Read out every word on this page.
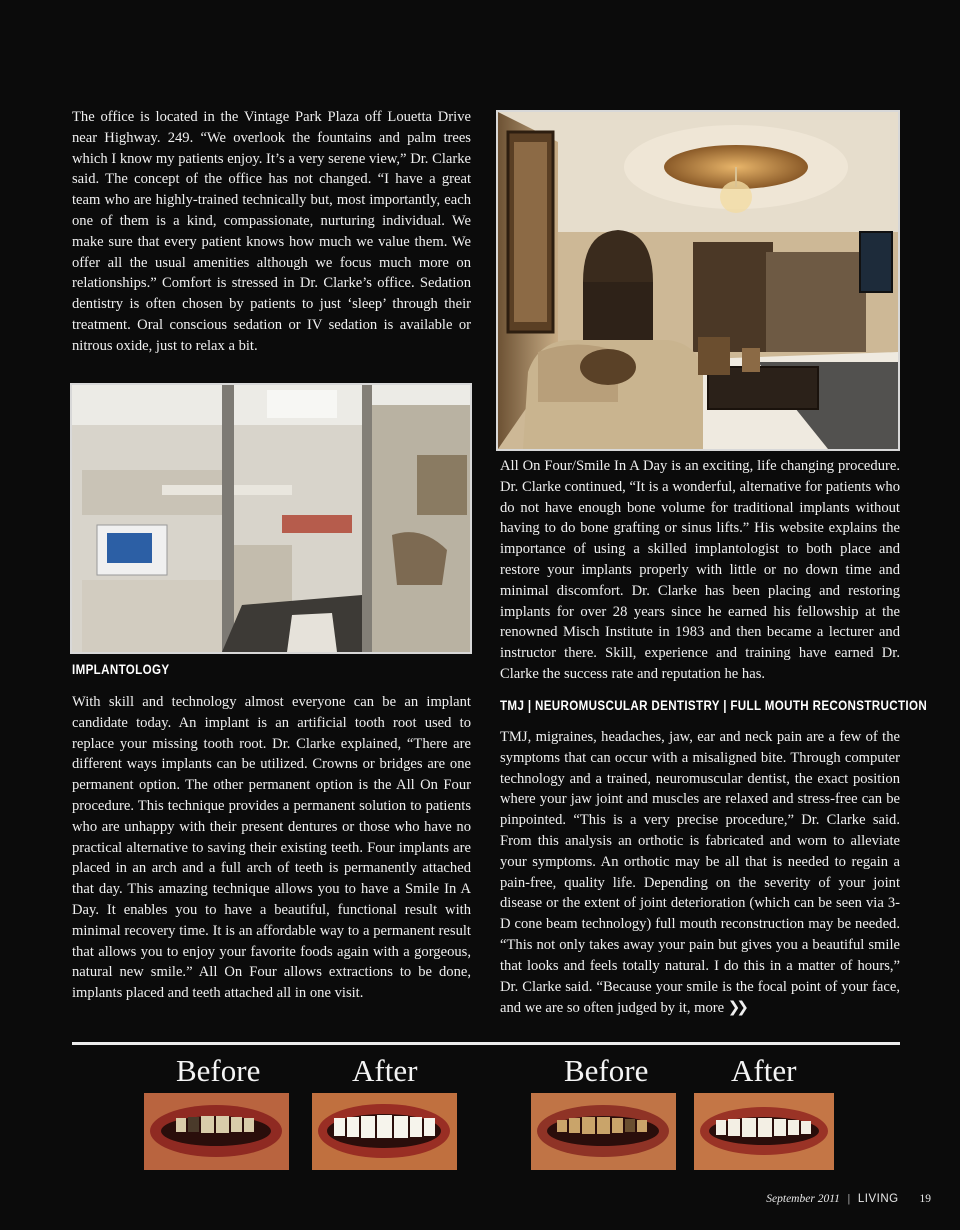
The office is located in the Vintage Park Plaza off Louetta Drive near Highway. 249. “We overlook the fountains and palm trees which I know my patients enjoy. It’s a very serene view,” Dr. Clarke said. The concept of the office has not changed. “I have a great team who are highly-trained technically but, most importantly, each one of them is a kind, compassionate, nurturing individual. We make sure that every patient knows how much we value them. We offer all the usual amenities although we focus much more on relationships.” Comfort is stressed in Dr. Clarke’s office. Sedation dentistry is often chosen by patients to just ‘sleep’ through their treatment. Oral conscious sedation or IV sedation is available or nitrous oxide, just to relax a bit.

IMPLANTOLOGY

With skill and technology almost everyone can be an implant candidate today. An implant is an artificial tooth root used to replace your missing tooth root. Dr. Clarke explained, “There are different ways implants can be utilized. Crowns or bridges are one permanent option. The other permanent option is the All On Four procedure. This technique provides a permanent solution to patients who are unhappy with their present dentures or those who have no practical alternative to saving their existing teeth. Four implants are placed in an arch and a full arch of teeth is permanently attached that day. This amazing technique allows you to have a Smile In A Day. It enables you to have a beautiful, functional result with minimal recovery time. It is an affordable way to a permanent result that allows you to enjoy your favorite foods again with a gorgeous, natural new smile.” All On Four allows extractions to be done, implants placed and teeth attached all in one visit.

All On Four/Smile In A Day is an exciting, life changing procedure. Dr. Clarke continued, “It is a wonderful, alternative for patients who do not have enough bone volume for traditional implants without having to do bone grafting or sinus lifts.” His website explains the importance of using a skilled implantologist to both place and restore your implants properly with little or no down time and minimal discomfort. Dr. Clarke has been placing and restoring implants for over 28 years since he earned his fellowship at the renowned Misch Institute in 1983 and then became a lecturer and instructor there. Skill, experience and training have earned Dr. Clarke the success rate and reputation he has.

TMJ | NEUROMUSCULAR DENTISTRY | FULL MOUTH RECONSTRUCTION

TMJ, migraines, headaches, jaw, ear and neck pain are a few of the symptoms that can occur with a misaligned bite. Through computer technology and a trained, neuromuscular dentist, the exact position where your jaw joint and muscles are relaxed and stress-free can be pinpointed. “This is a very precise procedure,” Dr. Clarke said. From this analysis an orthotic is fabricated and worn to alleviate your symptoms. An orthotic may be all that is needed to regain a pain-free, quality life. Depending on the severity of your joint disease or the extent of joint deterioration (which can be seen via 3-D cone beam technology) full mouth reconstruction may be needed. “This not only takes away your pain but gives you a beautiful smile that looks and feels totally natural. I do this in a matter of hours,” Dr. Clarke said. “Because your smile is the focal point of your face, and we are so often judged by it, more ❯❯

Before	After	Before	After

September 2011 | LIVING 19
